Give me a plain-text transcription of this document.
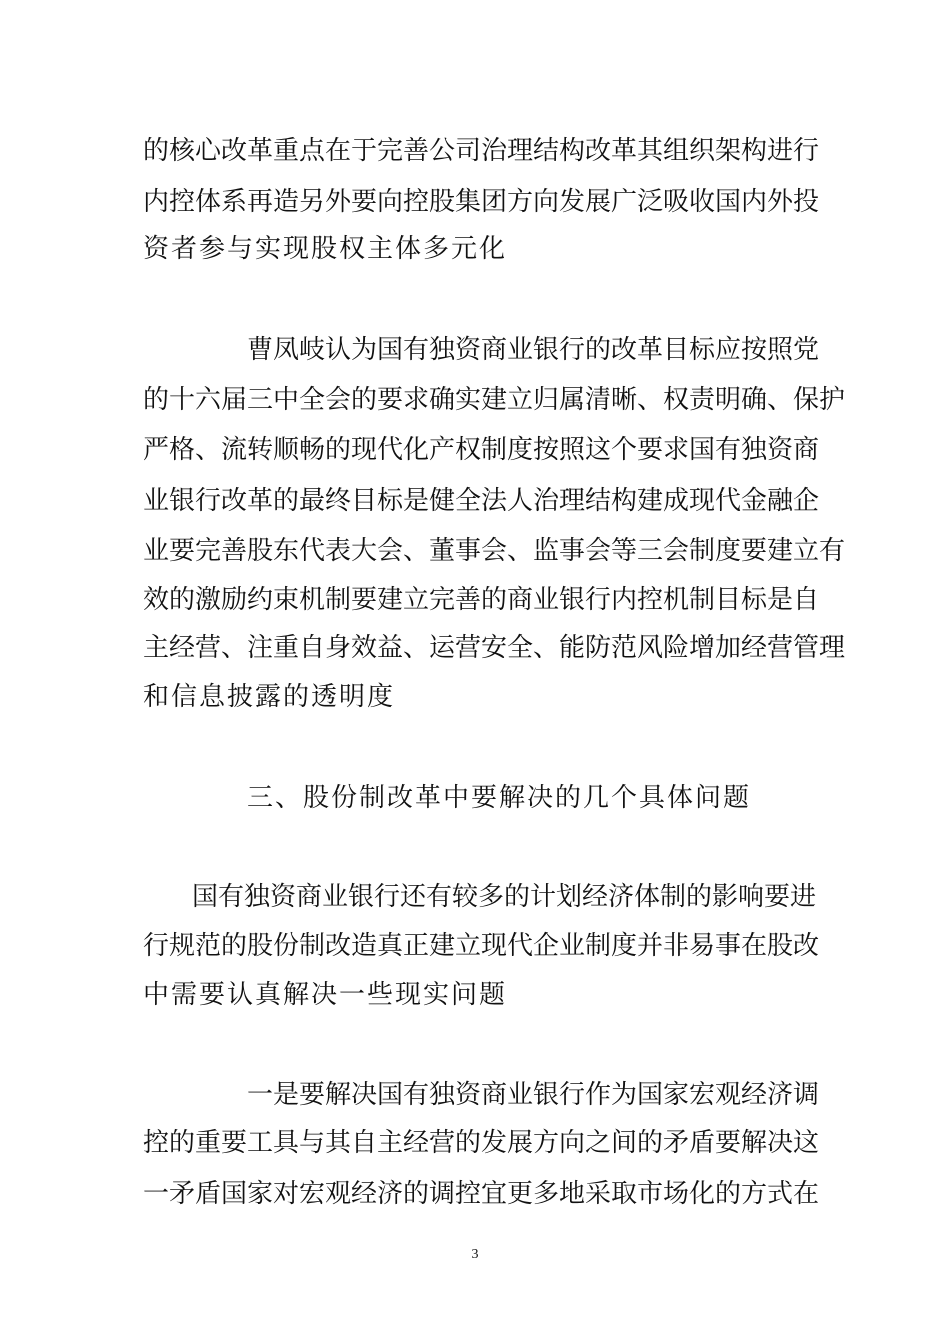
的核心改革重点在于完善公司治理结构改革其组织架构进行
内控体系再造另外要向控股集团方向发展广泛吸收国内外投
资者参与实现股权主体多元化
曹凤岐认为国有独资商业银行的改革目标应按照党
的十六届三中全会的要求确实建立归属清晰、权责明确、保护
严格、流转顺畅的现代化产权制度按照这个要求国有独资商
业银行改革的最终目标是健全法人治理结构建成现代金融企
业要完善股东代表大会、董事会、监事会等三会制度要建立有
效的激励约束机制要建立完善的商业银行内控机制目标是自
主经营、注重自身效益、运营安全、能防范风险增加经营管理
和信息披露的透明度
三、股份制改革中要解决的几个具体问题
国有独资商业银行还有较多的计划经济体制的影响要进
行规范的股份制改造真正建立现代企业制度并非易事在股改
中需要认真解决一些现实问题
一是要解决国有独资商业银行作为国家宏观经济调
控的重要工具与其自主经营的发展方向之间的矛盾要解决这
一矛盾国家对宏观经济的调控宜更多地采取市场化的方式在
3
